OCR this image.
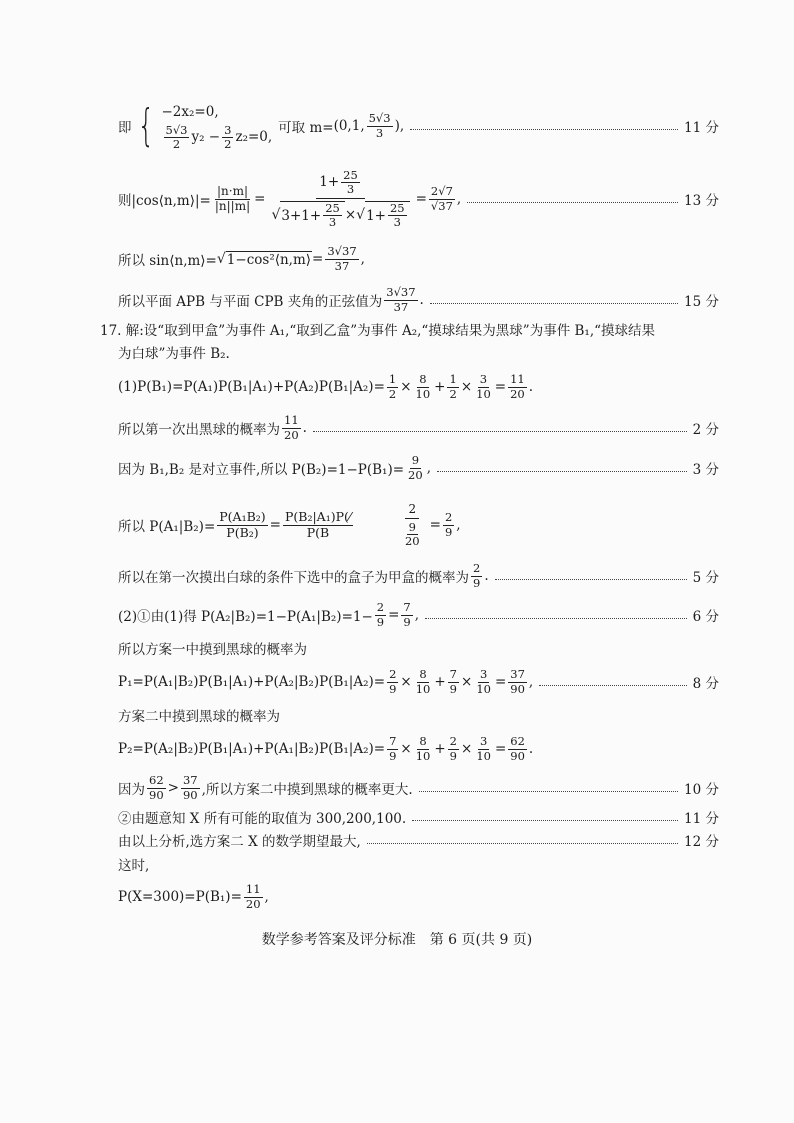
即 { −2x₂=0,
5√3
2 $y_2 - \frac{3}{2} z_2=0$,
可取 m= (0,1, 5√3
3 ),	11 分
则|cos⟨n,m⟩|= $\frac{|n\cdot m|}{|n||m|} = \frac{1+ \frac{25}{3}}{√ 3+1+ \frac{25}{3} \times √ 1+ \frac{25}{3}} = \frac{2√7}{√37}$ ,	13 分
所以 sin⟨n,m⟩= √ 1−cos²⟨n,m⟩ = $\frac{3√37}{37}$ ,
所以平面 APB 与平面 CPB 夹角的正弦值为
3√37
37 .	15 分
17. 解:设“取到甲盒”为事件 A₁,“取到乙盒”为事件 A₂,“摸球结果为黑球”为事件 B₁,“摸球结果
为白球”为事件 B₂.
$(1)P(B_1)=P(A_1)P(B_1|A_1)+P(A_2)P(B_1|A_2)= \frac{1}{2} \times \frac{8}{10} + \frac{1}{2} \times \frac{3}{10} = \frac{11}{20}$ .
所以第一次出黑球的概率为
11
20 .	2 分
因为 B₁,B₂ 是对立事件,所以 $P(B_2)=1-P(B_1)= \frac{9}{20}$ ,	3 分
所以 $P(A_1|B_2)= \frac{\text{P(A₁B₂)}}{\text{P(B₂)}} = \frac{\text{P(B₂|A₁)P(⁄}}{P(B}$	2
9
$20 = \frac{2}{9}$ ,
所以在第一次摸出白球的条件下选中的盒子为甲盒的概率为
2
9 .	5 分
(2)①由(1)得 $P(A_2|B_2)=1-P(A_1|B_2)=1- \frac{2}{9} = \frac{7}{9}$ ,	6 分
所以方案一中摸到黑球的概率为
$P_1=P(A_1|B_2)P(B_1|A_1)+P(A_2|B_2)P(B_1|A_2)= \frac{2}{9} \times \frac{8}{10} + \frac{7}{9} \times \frac{3}{10} = \frac{37}{90}$ ,	8 分
方案二中摸到黑球的概率为
$P_2=P(A_2|B_2)P(B_1|A_1)+P(A_1|B_2)P(B_1|A_2)= \frac{7}{9} \times \frac{8}{10} + \frac{2}{9} \times \frac{3}{10} = \frac{62}{90}$ .
因为
62
90 > 37
90 ,所以方案二中摸到黑球的概率更大.	10 分
②由题意知 X 所有可能的取值为 300,200,100.	11 分
由以上分析,选方案二 X 的数学期望最大,	12 分
这时,
$P(X=300)=P(B_1)= \frac{11}{20}$ ,
数学参考答案及评分标准　第 6 页(共 9 页)
